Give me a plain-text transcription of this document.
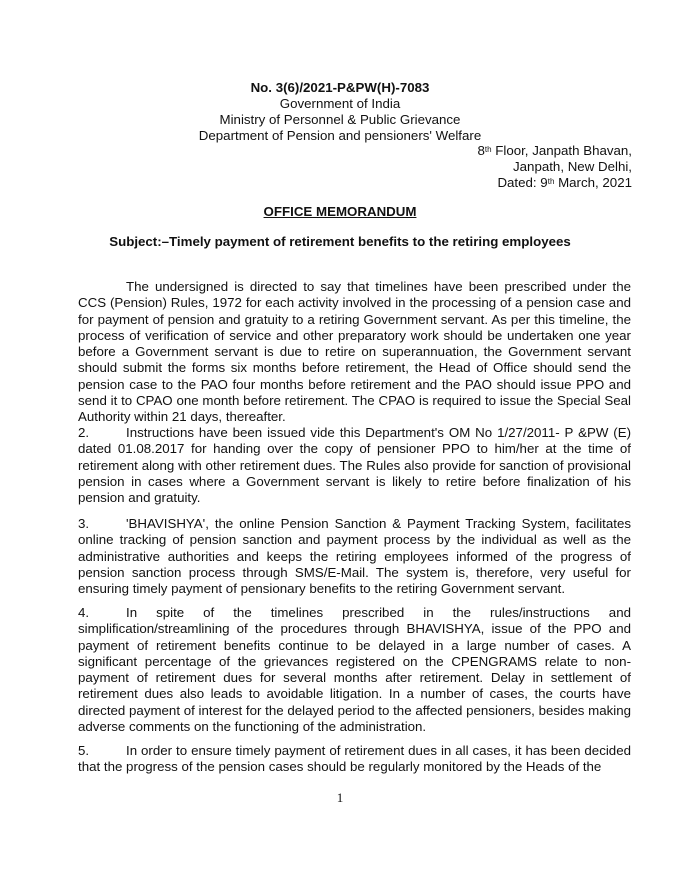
No. 3(6)/2021-P&PW(H)-7083
Government of India
Ministry of Personnel & Public Grievance
Department of Pension and pensioners' Welfare
8th Floor, Janpath Bhavan,
Janpath, New Delhi,
Dated: 9th March, 2021
OFFICE MEMORANDUM
Subject:–Timely payment of retirement benefits to the retiring employees

The undersigned is directed to say that timelines have been prescribed under the CCS (Pension) Rules, 1972 for each activity involved in the processing of a pension case and for payment of pension and gratuity to a retiring Government servant. As per this timeline, the process of verification of service and other preparatory work should be undertaken one year before a Government servant is due to retire on superannuation, the Government servant should submit the forms six months before retirement, the Head of Office should send the pension case to the PAO four months before retirement and the PAO should issue PPO and send it to CPAO one month before retirement. The CPAO is required to issue the Special Seal Authority within 21 days, thereafter.

2.	Instructions have been issued vide this Department's OM No 1/27/2011- P &PW (E) dated 01.08.2017 for handing over the copy of pensioner PPO to him/her at the time of retirement along with other retirement dues. The Rules also provide for sanction of provisional pension in cases where a Government servant is likely to retire before finalization of his pension and gratuity.

3.	'BHAVISHYA', the online Pension Sanction & Payment Tracking System, facilitates online tracking of pension sanction and payment process by the individual as well as the administrative authorities and keeps the retiring employees informed of the progress of pension sanction process through SMS/E-Mail. The system is, therefore, very useful for ensuring timely payment of pensionary benefits to the retiring Government servant.

4.	In spite of the timelines prescribed in the rules/instructions and simplification/streamlining of the procedures through BHAVISHYA, issue of the PPO and payment of retirement benefits continue to be delayed in a large number of cases. A significant percentage of the grievances registered on the CPENGRAMS relate to non-payment of retirement dues for several months after retirement. Delay in settlement of retirement dues also leads to avoidable litigation. In a number of cases, the courts have directed payment of interest for the delayed period to the affected pensioners, besides making adverse comments on the functioning of the administration.

5.	In order to ensure timely payment of retirement dues in all cases, it has been decided that the progress of the pension cases should be regularly monitored by the Heads of the

1
